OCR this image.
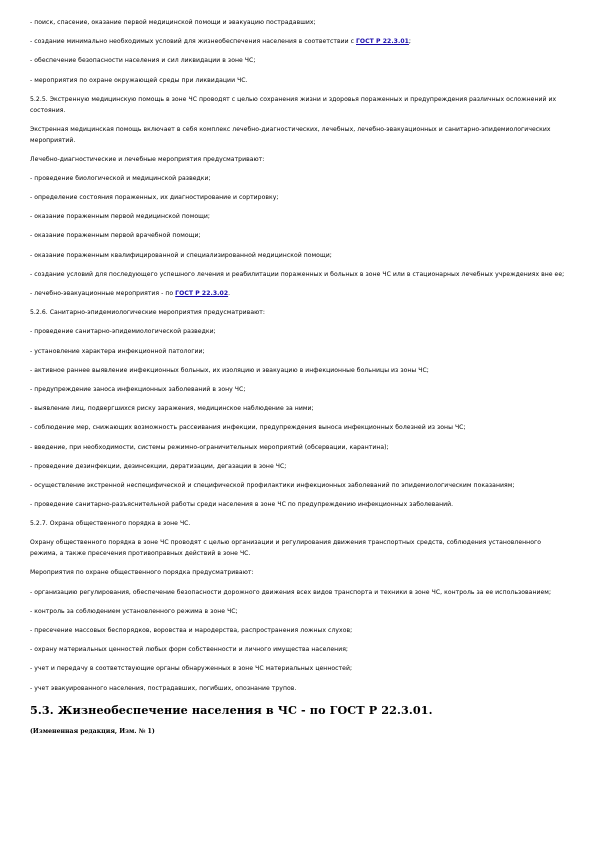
- поиск, спасение, оказание первой медицинской помощи и эвакуацию пострадавших;
- создание минимально необходимых условий для жизнеобеспечения населения в соответствии с ГОСТ Р 22.3.01;
- обеспечение безопасности населения и сил ликвидации в зоне ЧС;
- мероприятия по охране окружающей среды при ликвидации ЧС.
5.2.5. Экстренную медицинскую помощь в зоне ЧС проводят с целью сохранения жизни и здоровья пораженных и предупреждения различных осложнений их состояния.
Экстренная медицинская помощь включает в себя комплекс лечебно-диагностических, лечебных, лечебно-эвакуационных и санитарно-эпидемиологических мероприятий.
Лечебно-диагностические и лечебные мероприятия предусматривают:
- проведение биологической и медицинской разведки;
- определение состояния пораженных, их диагностирование и сортировку;
- оказание пораженным первой медицинской помощи;
- оказание пораженным первой врачебной помощи;
- оказание пораженным квалифицированной и специализированной медицинской помощи;
- создание условий для последующего успешного лечения и реабилитации пораженных и больных в зоне ЧС или в стационарных лечебных учреждениях вне ее;
- лечебно-эвакуационные мероприятия - по ГОСТ Р 22.3.02.
5.2.6. Санитарно-эпидемиологические мероприятия предусматривают:
- проведение санитарно-эпидемиологической разведки;
- установление характера инфекционной патологии;
- активное раннее выявление инфекционных больных, их изоляцию и эвакуацию в инфекционные больницы из зоны ЧС;
- предупреждение заноса инфекционных заболеваний в зону ЧС;
- выявление лиц, подвергшихся риску заражения, медицинское наблюдение за ними;
- соблюдение мер, снижающих возможность рассеивания инфекции, предупреждения выноса инфекционных болезней из зоны ЧС;
- введение, при необходимости, системы режимно-ограничительных мероприятий (обсервации, карантина);
- проведение дезинфекции, дезинсекции, дератизации, дегазации в зоне ЧС;
- осуществление экстренной неспецифической и специфической профилактики инфекционных заболеваний по эпидемиологическим показаниям;
- проведение санитарно-разъяснительной работы среди населения в зоне ЧС по предупреждению инфекционных заболеваний.
5.2.7. Охрана общественного порядка в зоне ЧС.
Охрану общественного порядка в зоне ЧС проводят с целью организации и регулирования движения транспортных средств, соблюдения установленного режима, а также пресечения противоправных действий в зоне ЧС.
Мероприятия по охране общественного порядка предусматривают:
- организацию регулирования, обеспечение безопасности дорожного движения всех видов транспорта и техники в зоне ЧС, контроль за ее использованием;
- контроль за соблюдением установленного режима в зоне ЧС;
- пресечение массовых беспорядков, воровства и мародерства, распространения ложных слухов;
- охрану материальных ценностей любых форм собственности и личного имущества населения;
- учет и передачу в соответствующие органы обнаруженных в зоне ЧС материальных ценностей;
- учет эвакуированного населения, пострадавших, погибших, опознание трупов.
5.3. Жизнеобеспечение населения в ЧС - по ГОСТ Р 22.3.01.
(Измененная редакция, Изм. № 1)
